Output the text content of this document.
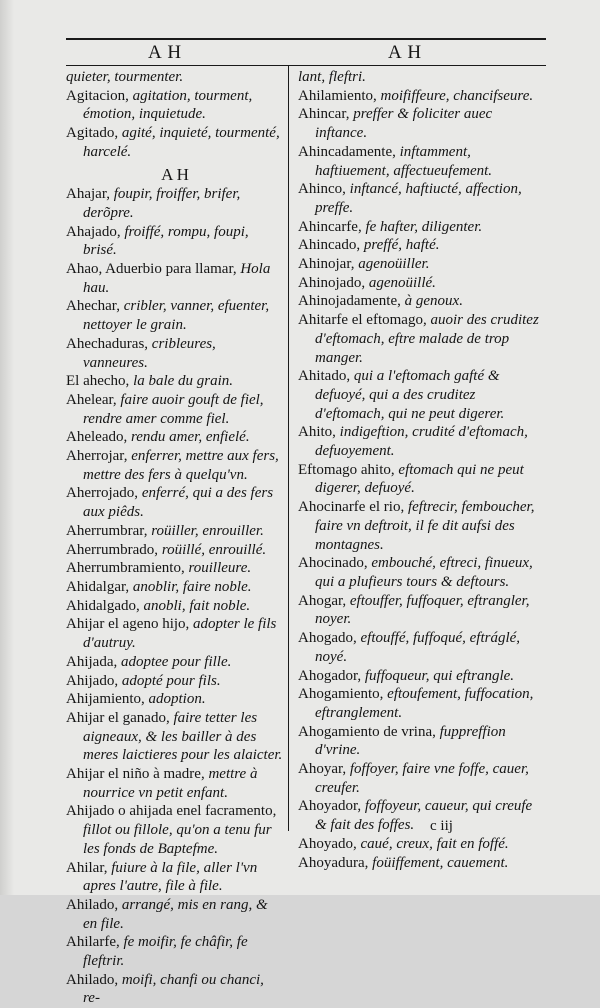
A H	A H
quieter, tourmenter.
Agitacion, agitation, tourment, émotion, inquietude.
Agitado, agité, inquieté, tourmenté, harcelé.
A H
Ahajar, foupir, froiffer, brifer, derõpre.
Ahajado, froiffé, rompu, foupi, brisé.
Ahao, Aduerbio para llamar, Hola hau.
Ahechar, cribler, vanner, efuenter, nettoyer le grain.
Ahechaduras, cribleures, vanneures.
El ahecho, la bale du grain.
Ahelear, faire auoir gouft de fiel, rendre amer comme fiel.
Aheleado, rendu amer, enfielé.
Aherrojar, enferrer, mettre aux fers, mettre des fers à quelqu'vn.
Aherrojado, enferré, qui a des fers aux piêds.
Aherrumbrar, roüiller, enrouiller.
Aherrumbrado, roüillé, enrouillé.
Aherrumbramiento, rouilleure.
Ahidalgar, anoblir, faire noble.
Ahidalgado, anobli, fait noble.
Ahijar el ageno hijo, adopter le fils d'autruy.
Ahijada, adoptee pour fille.
Ahijado, adopté pour fils.
Ahijamiento, adoption.
Ahijar el ganado, faire tetter les aigneaux, & les bailler à des meres laictieres pour les alaicter.
Ahijar el niño à madre, mettre à nourrice vn petit enfant.
Ahijado o ahijada enel facramento, fillot ou fillole, qu'on a tenu fur les fonds de Baptefme.
Ahilar, fuiure à la file, aller l'vn apres l'autre, file à file.
Ahilado, arrangé, mis en rang, & en file.
Ahilarfe, fe moifir, fe châfir, fe fleftrir.
Ahilado, moifi, chanfi ou chanci, re-
lant, fleftri.
Ahilamiento, moififfeure, chancifseure.
Ahincar, preffer & foliciter auec inftance.
Ahincadamente, inftamment, haftiuement, affectueufement.
Ahinco, inftancé, haftiucté, affection, preffe.
Ahincarfe, fe hafter, diligenter.
Ahincado, preffé, hafté.
Ahinojar, agenoüiller.
Ahinojado, agenoüillé.
Ahinojadamente, à genoux.
Ahitarfe el eftomago, auoir des cruditez d'eftomach, eftre malade de trop manger.
Ahitado, qui a l'eftomach gafté & defuoyé, qui a des cruditez d'eftomach, qui ne peut digerer.
Ahito, indigeftion, crudité d'eftomach, defuoyement.
Eftomago ahito, eftomach qui ne peut digerer, defuoyé.
Ahocinarfe el rio, feftrecir, femboucher, faire vn deftroit, il fe dit aufsi des montagnes.
Ahocinado, embouché, eftreci, finueux, qui a plufieurs tours & deftours.
Ahogar, eftouffer, fuffoquer, eftrangler, noyer.
Ahogado, eftouffé, fuffoqué, eftráglé, noyé.
Ahogador, fuffoqueur, qui eftrangle.
Ahogamiento, eftoufement, fuffocation, eftranglement.
Ahogamiento de vrina, fuppreffion d'vrine.
Ahoyar, foffoyer, faire vne foffe, cauer, creufer.
Ahoyador, foffoyeur, caueur, qui creufe & fait des foffes.
Ahoyado, caué, creux, fait en foffé.
Ahoyadura, foüiffement, cauement.
c iij
